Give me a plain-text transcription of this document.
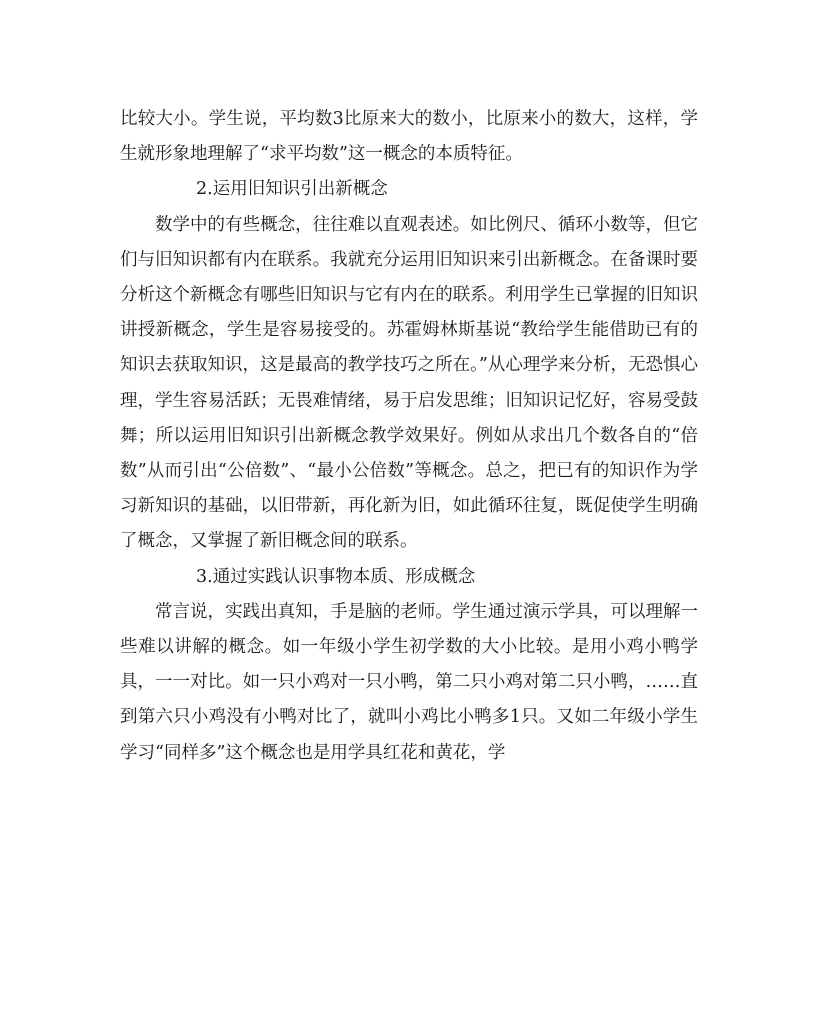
比较大小。学生说，平均数3比原来大的数小，比原来小的数大，这样，学生就形象地理解了“求平均数”这一概念的本质特征。

2.运用旧知识引出新概念

数学中的有些概念，往往难以直观表述。如比例尺、循环小数等，但它们与旧知识都有内在联系。我就充分运用旧知识来引出新概念。在备课时要分析这个新概念有哪些旧知识与它有内在的联系。利用学生已掌握的旧知识讲授新概念，学生是容易接受的。苏霍姆林斯基说“教给学生能借助已有的知识去获取知识，这是最高的教学技巧之所在。”从心理学来分析，无恐惧心理，学生容易活跃；无畏难情绪，易于启发思维；旧知识记忆好，容易受鼓舞；所以运用旧知识引出新概念教学效果好。例如从求出几个数各自的“倍数”从而引出“公倍数”、“最小公倍数”等概念。总之，把已有的知识作为学习新知识的基础，以旧带新，再化新为旧，如此循环往复，既促使学生明确了概念，又掌握了新旧概念间的联系。

3.通过实践认识事物本质、形成概念

常言说，实践出真知，手是脑的老师。学生通过演示学具，可以理解一些难以讲解的概念。如一年级小学生初学数的大小比较。是用小鸡小鸭学具，一一对比。如一只小鸡对一只小鸭，第二只小鸡对第二只小鸭，……直到第六只小鸡没有小鸭对比了，就叫小鸡比小鸭多1只。又如二年级小学生学习“同样多”这个概念也是用学具红花和黄花，学
